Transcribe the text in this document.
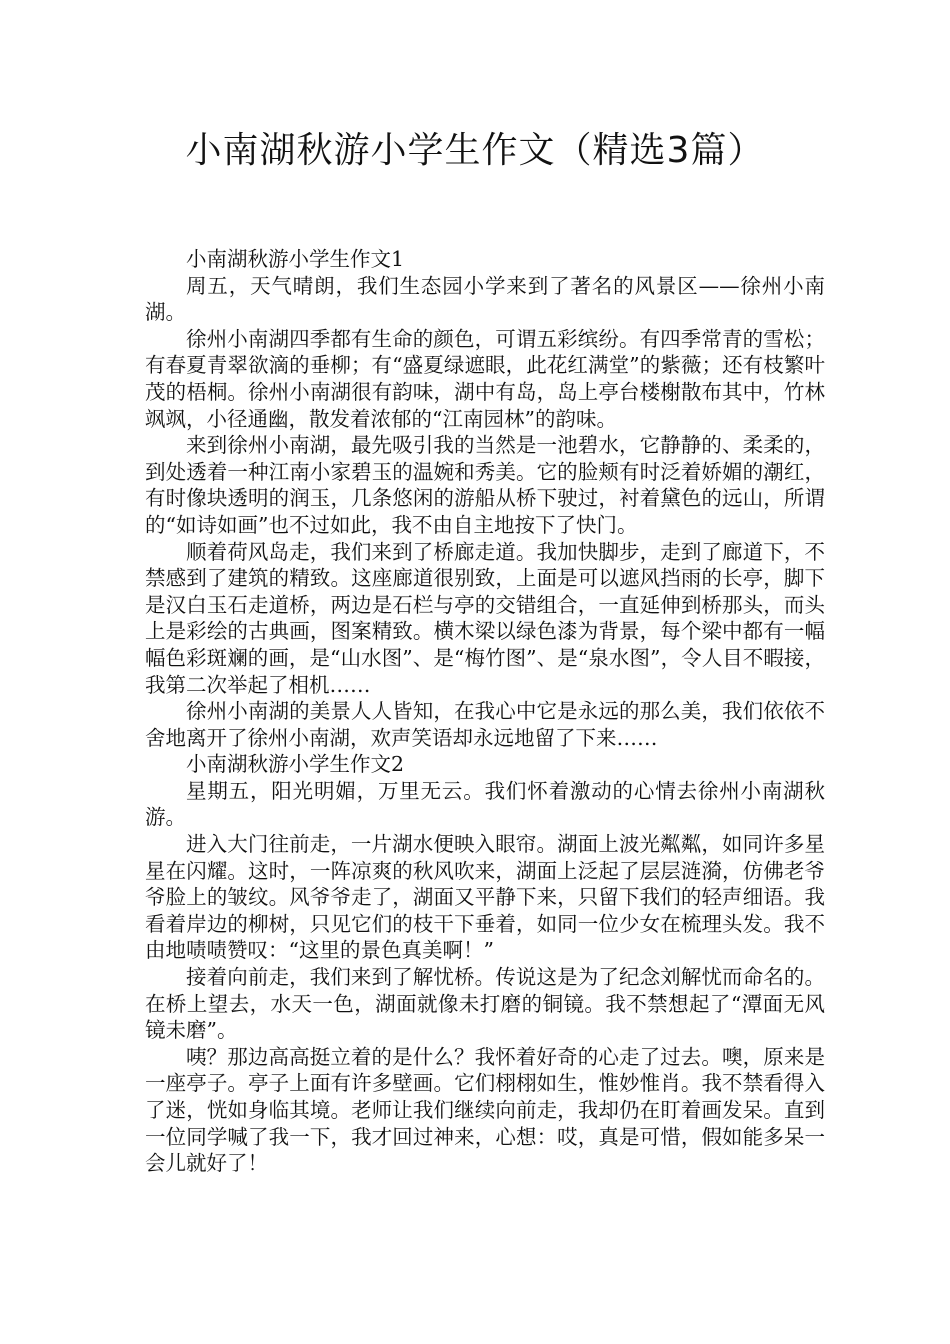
小南湖秋游小学生作文（精选3篇）

小南湖秋游小学生作文1

周五，天气晴朗，我们生态园小学来到了著名的风景区——徐州小南湖。

徐州小南湖四季都有生命的颜色，可谓五彩缤纷。有四季常青的雪松；有春夏青翠欲滴的垂柳；有“盛夏绿遮眼，此花红满堂”的紫薇；还有枝繁叶茂的梧桐。徐州小南湖很有韵味，湖中有岛，岛上亭台楼榭散布其中，竹林飒飒，小径通幽，散发着浓郁的“江南园林”的韵味。

来到徐州小南湖，最先吸引我的当然是一池碧水，它静静的、柔柔的，到处透着一种江南小家碧玉的温婉和秀美。它的脸颊有时泛着娇媚的潮红，有时像块透明的润玉，几条悠闲的游船从桥下驶过，衬着黛色的远山，所谓的“如诗如画”也不过如此，我不由自主地按下了快门。

顺着荷风岛走，我们来到了桥廊走道。我加快脚步，走到了廊道下，不禁感到了建筑的精致。这座廊道很别致，上面是可以遮风挡雨的长亭，脚下是汉白玉石走道桥，两边是石栏与亭的交错组合，一直延伸到桥那头，而头上是彩绘的古典画，图案精致。横木梁以绿色漆为背景，每个梁中都有一幅幅色彩斑斓的画，是“山水图”、是“梅竹图”、是“泉水图”，令人目不暇接，我第二次举起了相机……

徐州小南湖的美景人人皆知，在我心中它是永远的那么美，我们依依不舍地离开了徐州小南湖，欢声笑语却永远地留了下来……

小南湖秋游小学生作文2

星期五，阳光明媚，万里无云。我们怀着激动的心情去徐州小南湖秋游。

进入大门往前走，一片湖水便映入眼帘。湖面上波光粼粼，如同许多星星在闪耀。这时，一阵凉爽的秋风吹来，湖面上泛起了层层涟漪，仿佛老爷爷脸上的皱纹。风爷爷走了，湖面又平静下来，只留下我们的轻声细语。我看着岸边的柳树，只见它们的枝干下垂着，如同一位少女在梳理头发。我不由地啧啧赞叹：“这里的景色真美啊！”

接着向前走，我们来到了解忧桥。传说这是为了纪念刘解忧而命名的。在桥上望去，水天一色，湖面就像未打磨的铜镜。我不禁想起了“潭面无风镜未磨”。

咦？那边高高挺立着的是什么？我怀着好奇的心走了过去。噢，原来是一座亭子。亭子上面有许多壁画。它们栩栩如生，惟妙惟肖。我不禁看得入了迷，恍如身临其境。老师让我们继续向前走，我却仍在盯着画发呆。直到一位同学喊了我一下，我才回过神来，心想：哎，真是可惜，假如能多呆一会儿就好了！
